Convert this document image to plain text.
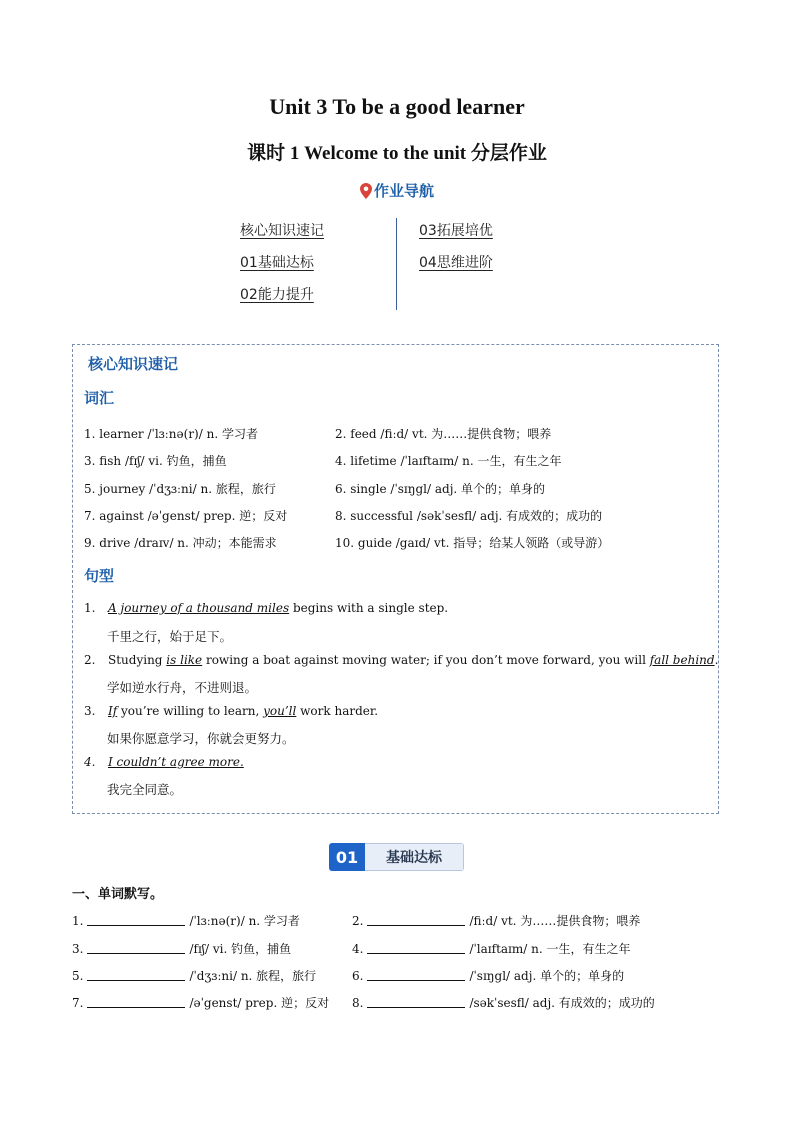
Unit 3 To be a good learner
课时 1 Welcome to the unit 分层作业
作业导航
核心知识速记
01基础达标
02能力提升
03拓展培优
04思维进阶
核心知识速记
词汇
1. learner /ˈlɜːnə(r)/ n. 学习者	2. feed /fiːd/ vt. 为……提供食物；喂养
3. fish /fɪʃ/ vi. 钓鱼，捕鱼	4. lifetime /ˈlaɪftaɪm/ n. 一生，有生之年
5. journey /ˈdʒɜːni/ n. 旅程，旅行	6. single /ˈsɪŋgl/ adj. 单个的；单身的
7. against /əˈgenst/ prep. 逆；反对	8. successful /səkˈsesfl/ adj. 有成效的；成功的
9. drive /draɪv/ n. 冲动；本能需求	10. guide /gaɪd/ vt. 指导；给某人领路（或导游）
句型
1. A journey of a thousand miles begins with a single step.
千里之行，始于足下。
2. Studying is like rowing a boat against moving water; if you don’t move forward, you will fall behind.
学如逆水行舟，不进则退。
3. If you’re willing to learn, you’ll work harder.
如果你愿意学习，你就会更努力。
4. I couldn’t agree more.
我完全同意。
01	基础达标
一、单词默写。
1.	/ˈlɜːnə(r)/ n. 学习者	2.	/fiːd/ vt. 为……提供食物；喂养
3.	/fɪʃ/ vi. 钓鱼，捕鱼	4.	/ˈlaɪftaɪm/ n. 一生，有生之年
5.	/ˈdʒɜːni/ n. 旅程，旅行	6.	/ˈsɪŋgl/ adj. 单个的；单身的
7.	/əˈgenst/ prep. 逆；反对 8.	/səkˈsesfl/ adj. 有成效的；成功的
